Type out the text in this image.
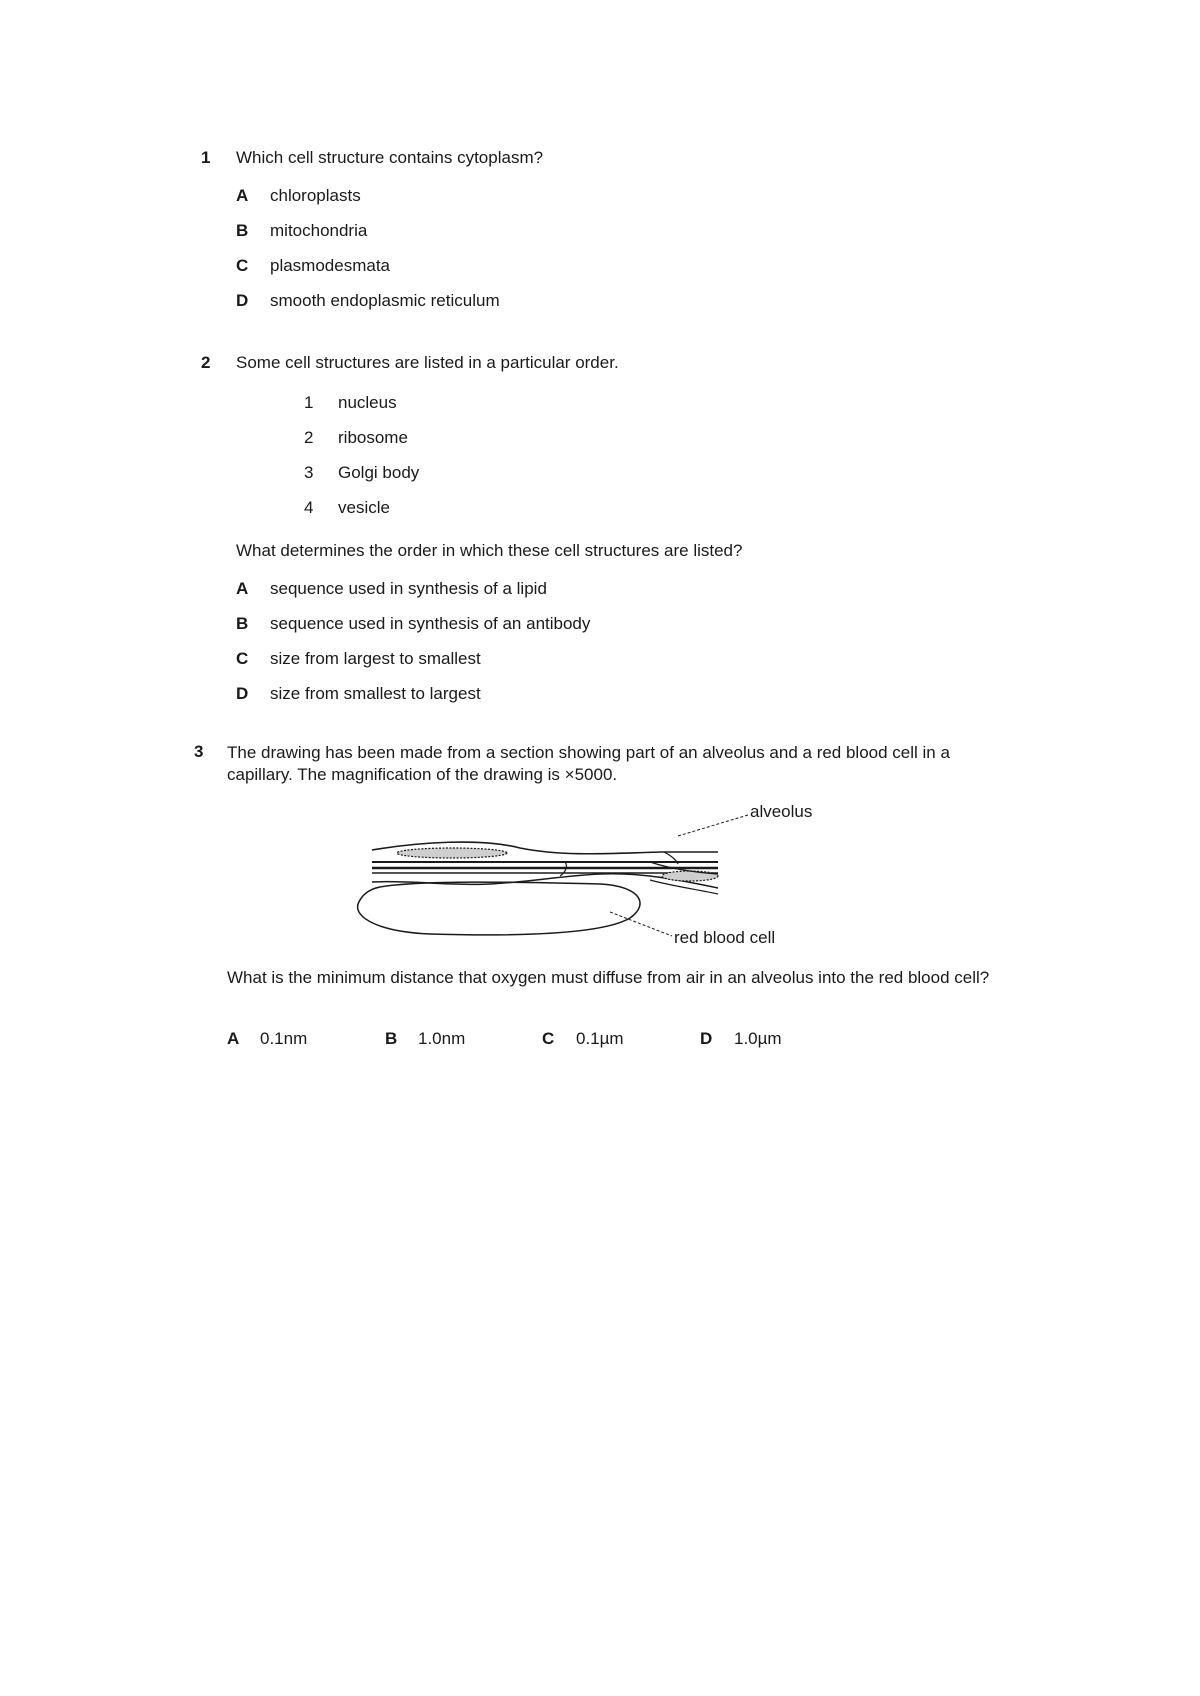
1 Which cell structure contains cytoplasm?
A chloroplasts
B mitochondria
C plasmodesmata
D smooth endoplasmic reticulum
2 Some cell structures are listed in a particular order.
1 nucleus
2 ribosome
3 Golgi body
4 vesicle
What determines the order in which these cell structures are listed?
A sequence used in synthesis of a lipid
B sequence used in synthesis of an antibody
C size from largest to smallest
D size from smallest to largest
3 The drawing has been made from a section showing part of an alveolus and a red blood cell in a capillary. The magnification of the drawing is ×5000.
alveolus
red blood cell
What is the minimum distance that oxygen must diffuse from air in an alveolus into the red blood cell?
A 0.1nm	B 1.0nm	C 0.1µm	D 1.0µm
